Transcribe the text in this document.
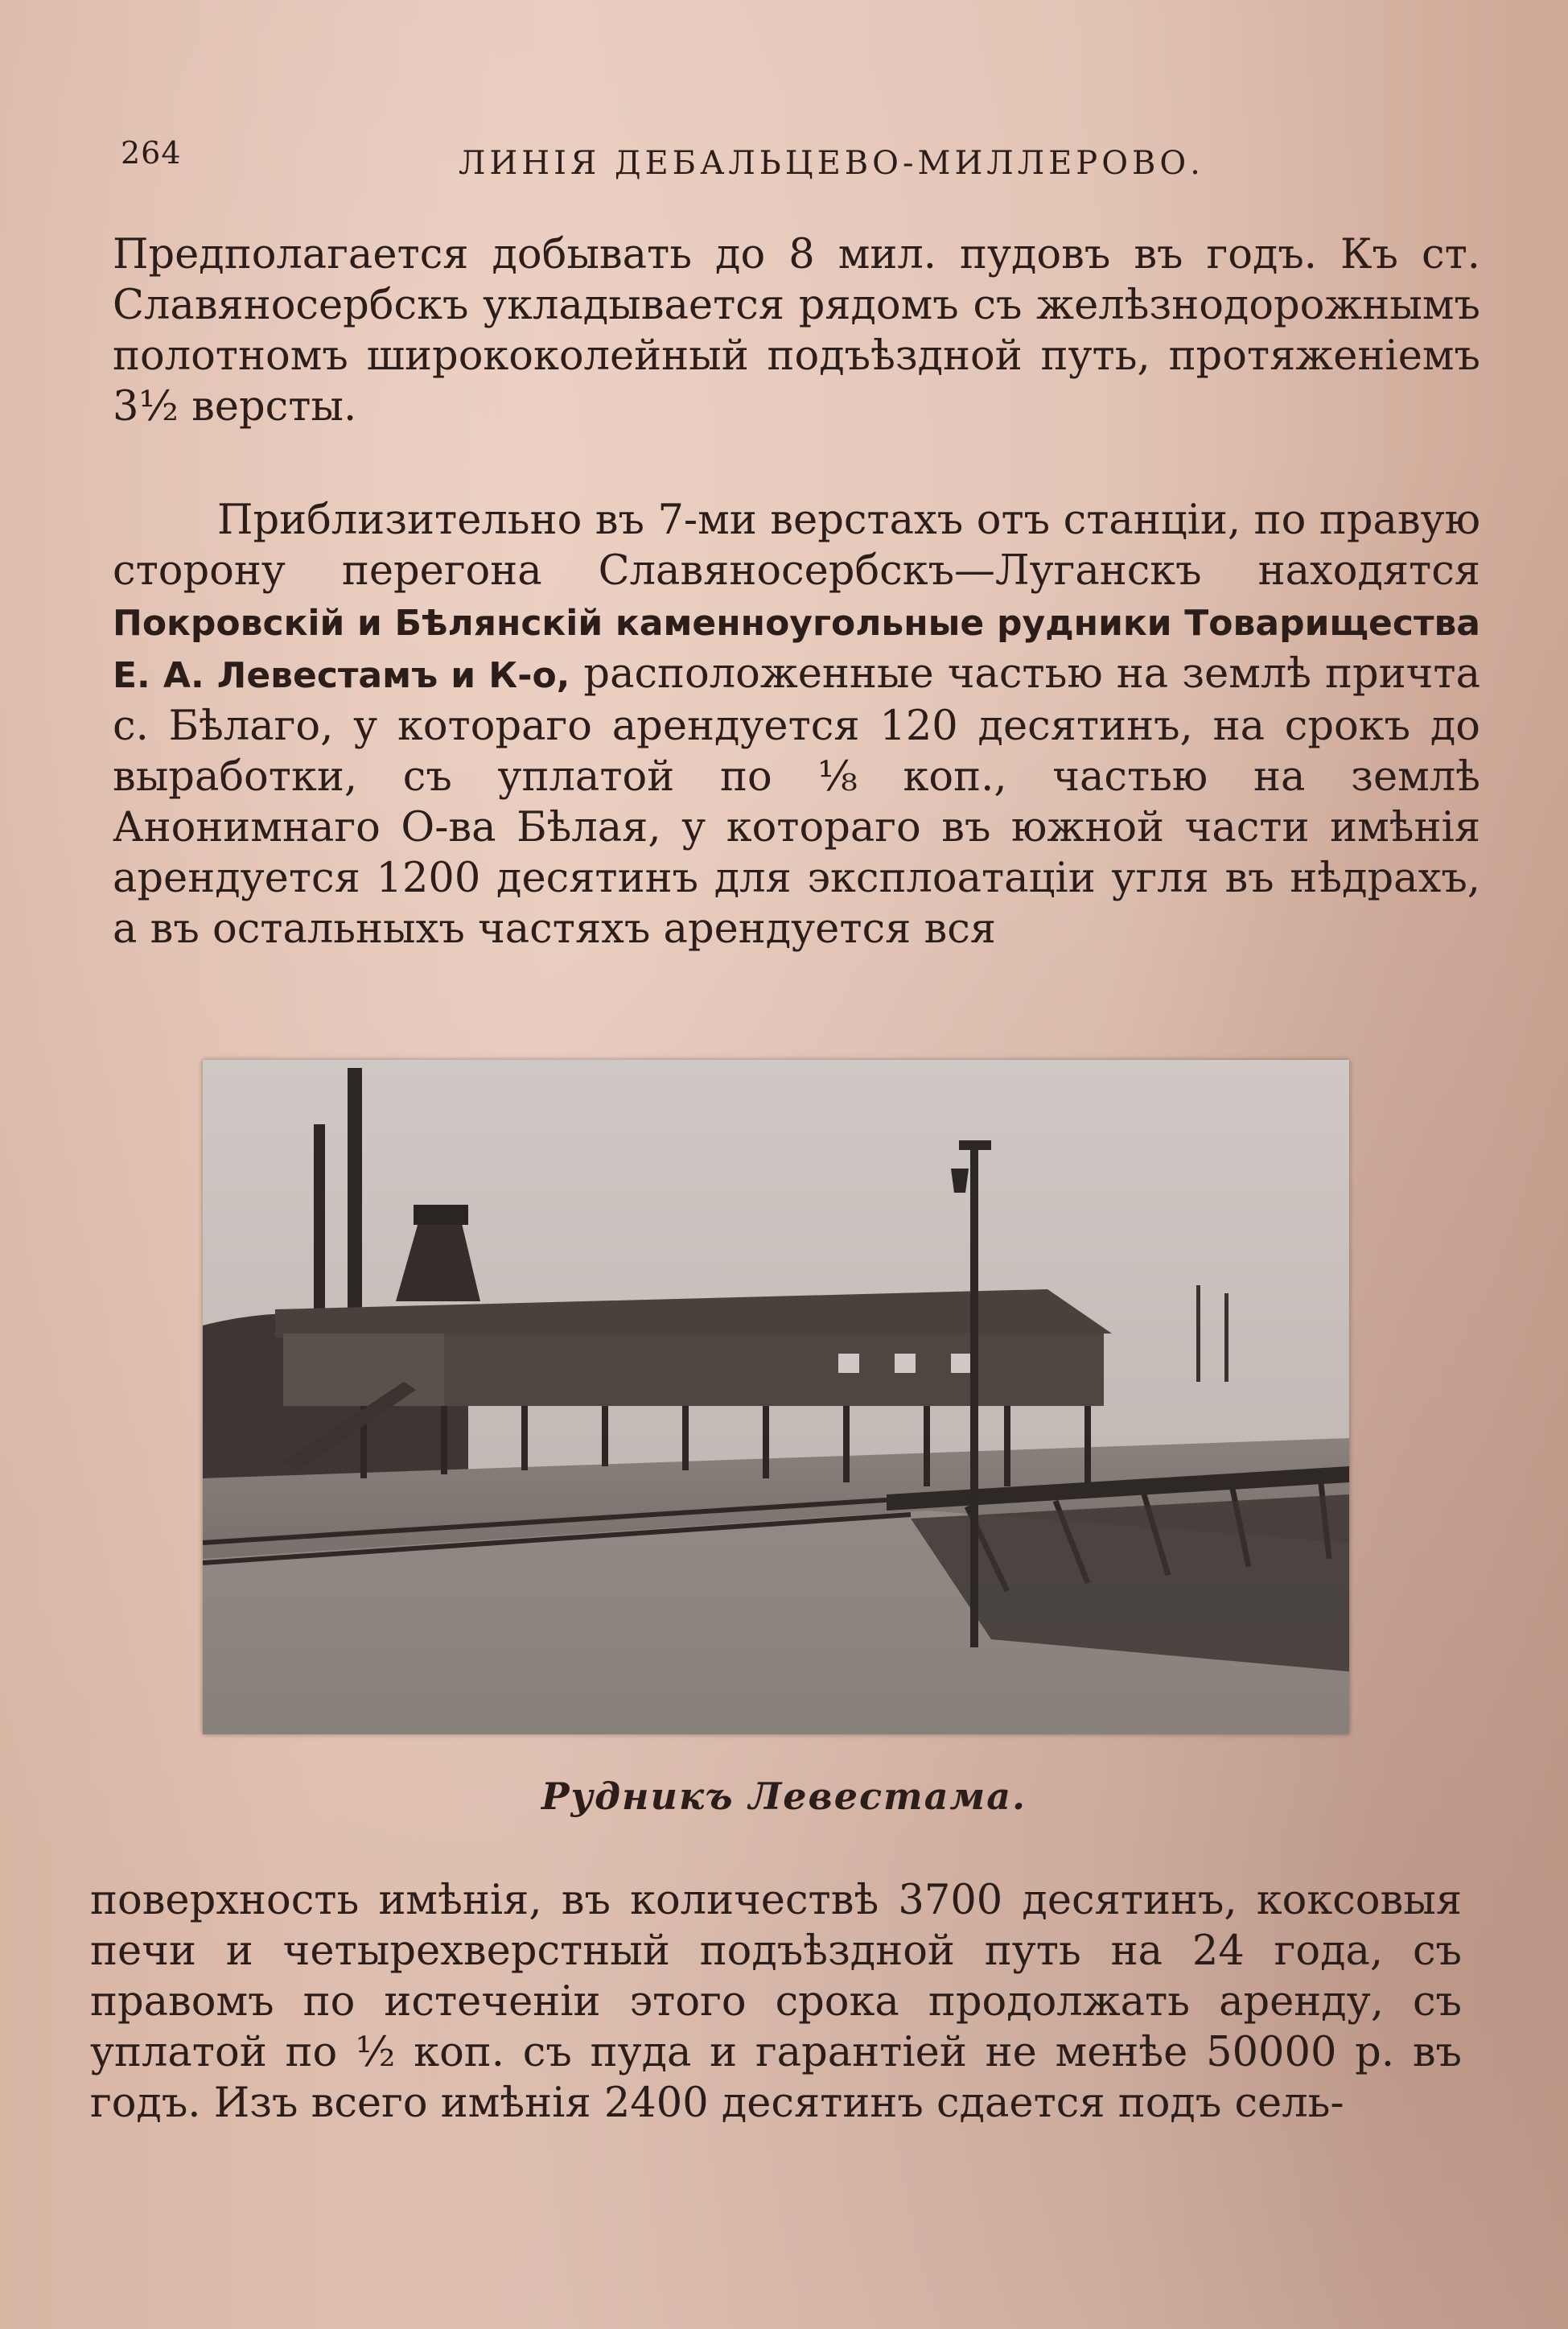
264	ЛИНІЯ ДЕБАЛЬЦЕВО-МИЛЛЕРОВО.

Предполагается добывать до 8 мил. пудовъ въ годъ. Къ ст. Славяносербскъ укладывается рядомъ съ желѣзнодорожнымъ полотномъ ширококолейный подъѣздной путь, протяженіемъ 3½ версты.

Приблизительно въ 7-ми верстахъ отъ станціи, по правую сторону перегона Славяносербскъ—Луганскъ находятся Покровскій и Бѣлянскій каменноугольные рудники Товарищества Е. А. Левестамъ и К-о, расположенные частью на землѣ причта с. Бѣлаго, у котораго арендуется 120 десятинъ, на срокъ до выработки, съ уплатой по ⅛ коп., частью на землѣ Анонимнаго О-ва Бѣлая, у котораго въ южной части имѣнія арендуется 1200 десятинъ для эксплоатаціи угля въ нѣдрахъ, а въ остальныхъ частяхъ арендуется вся

Рудникъ Левестама.

поверхность имѣнія, въ количествѣ 3700 десятинъ, коксовыя печи и четырехверстный подъѣздной путь на 24 года, съ правомъ по истеченіи этого срока продолжать аренду, съ уплатой по ½ коп. съ пуда и гарантіей не менѣе 50000 р. въ годъ. Изъ всего имѣнія 2400 десятинъ сдается подъ сель-
